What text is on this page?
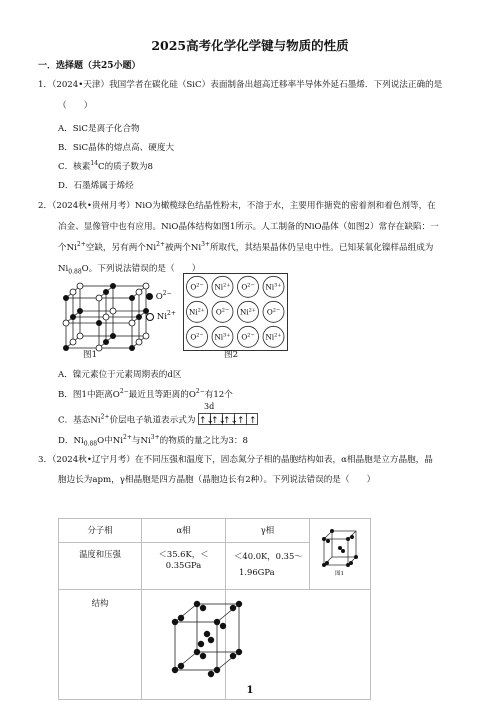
2025高考化学化学键与物质的性质
一．选择题（共25小题）
1．（2024•天津）我国学者在碳化硅（SiC）表面制备出超高迁移率半导体外延石墨烯．下列说法正确的是
（　　）
A．SiC是离子化合物
B．SiC晶体的熔点高、硬度大
C．核素$^{14}$C的质子数为8
D．石墨烯属于烯烃
2．（2024秋•贵州月考）NiO为橄榄绿色结晶性粉末，不溶于水，主要用作搪瓷的密着剂和着色剂等，在
冶金、显像管中也有应用。NiO晶体结构如图1所示。人工制备的NiO晶体（如图2）常存在缺陷：一
个$Ni^{2+}$空缺，另有两个$Ni^{2+}$被两个$Ni^{3+}$所取代，其结果晶体仍呈电中性。已知某氧化镍样品组成为
$Ni_{0.88}O$。下列说法错误的是（　　）
$O^{2-}$
$Ni^{2+}$
图1
$O^{2-}$ $Ni^{2+}$ $O^{2-}$ $Ni^{3+}$
$Ni^{2+}$ $O^{2-}$ $Ni^{2+}$ $O^{2-}$
$O^{2-}$ $Ni^{3+}$ $O^{2-}$ $Ni^{2+}$
图2
A．镍元素位于元素周期表的d区
B．图1中距离$O^{2-}$最近且等距离的$O^{2-}$有12个
3d
C．基态$Ni^{2+}$价层电子轨道表示式为 ↑↓
↑↓
↑↓
↑ ↑
D．$Ni_{0.88}O$中$Ni^{2+}$与$Ni^{3+}$的物质的量之比为3：8
3．（2024秋•辽宁月考）在不同压强和温度下，固态氮分子相的晶胞结构如表，α相晶胞是立方晶胞，晶
胞边长为apm，γ相晶胞是四方晶胞（晶胞边长有2种）。下列说法错误的是（　　）
分子相	α相	γ相	图1

温度和压强	＜35.6K，＜0.35GPa	＜40.0K，0.35～
1.96GPa	
结构		
1
